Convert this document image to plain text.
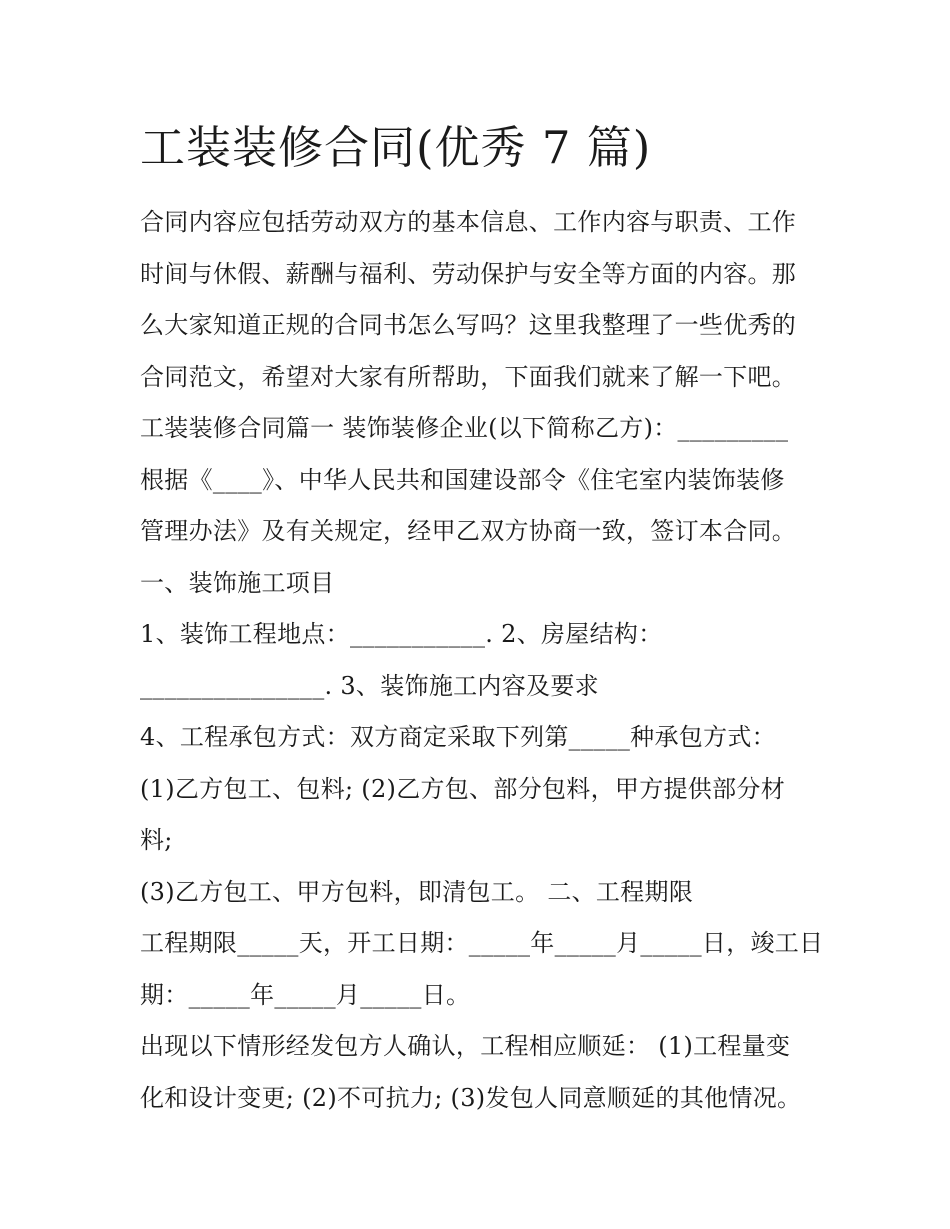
工装装修合同(优秀 7 篇)
合同内容应包括劳动双方的基本信息、工作内容与职责、工作
时间与休假、薪酬与福利、劳动保护与安全等方面的内容。那
么大家知道正规的合同书怎么写吗？这里我整理了一些优秀的
合同范文，希望对大家有所帮助，下面我们就来了解一下吧。
工装装修合同篇一 装饰装修企业(以下简称乙方)：_________
根据《____》、中华人民共和国建设部令《住宅室内装饰装修
管理办法》及有关规定，经甲乙双方协商一致，签订本合同。
一、装饰施工项目
1、装饰工程地点：___________. 2、房屋结构：
_______________. 3、装饰施工内容及要求
4、工程承包方式：双方商定采取下列第_____种承包方式：
(1)乙方包工、包料; (2)乙方包、部分包料，甲方提供部分材
料;
(3)乙方包工、甲方包料，即清包工。 二、工程期限
工程期限_____天，开工日期：_____年_____月_____日，竣工日
期：_____年_____月_____日。
出现以下情形经发包方人确认，工程相应顺延： (1)工程量变
化和设计变更; (2)不可抗力; (3)发包人同意顺延的其他情况。
